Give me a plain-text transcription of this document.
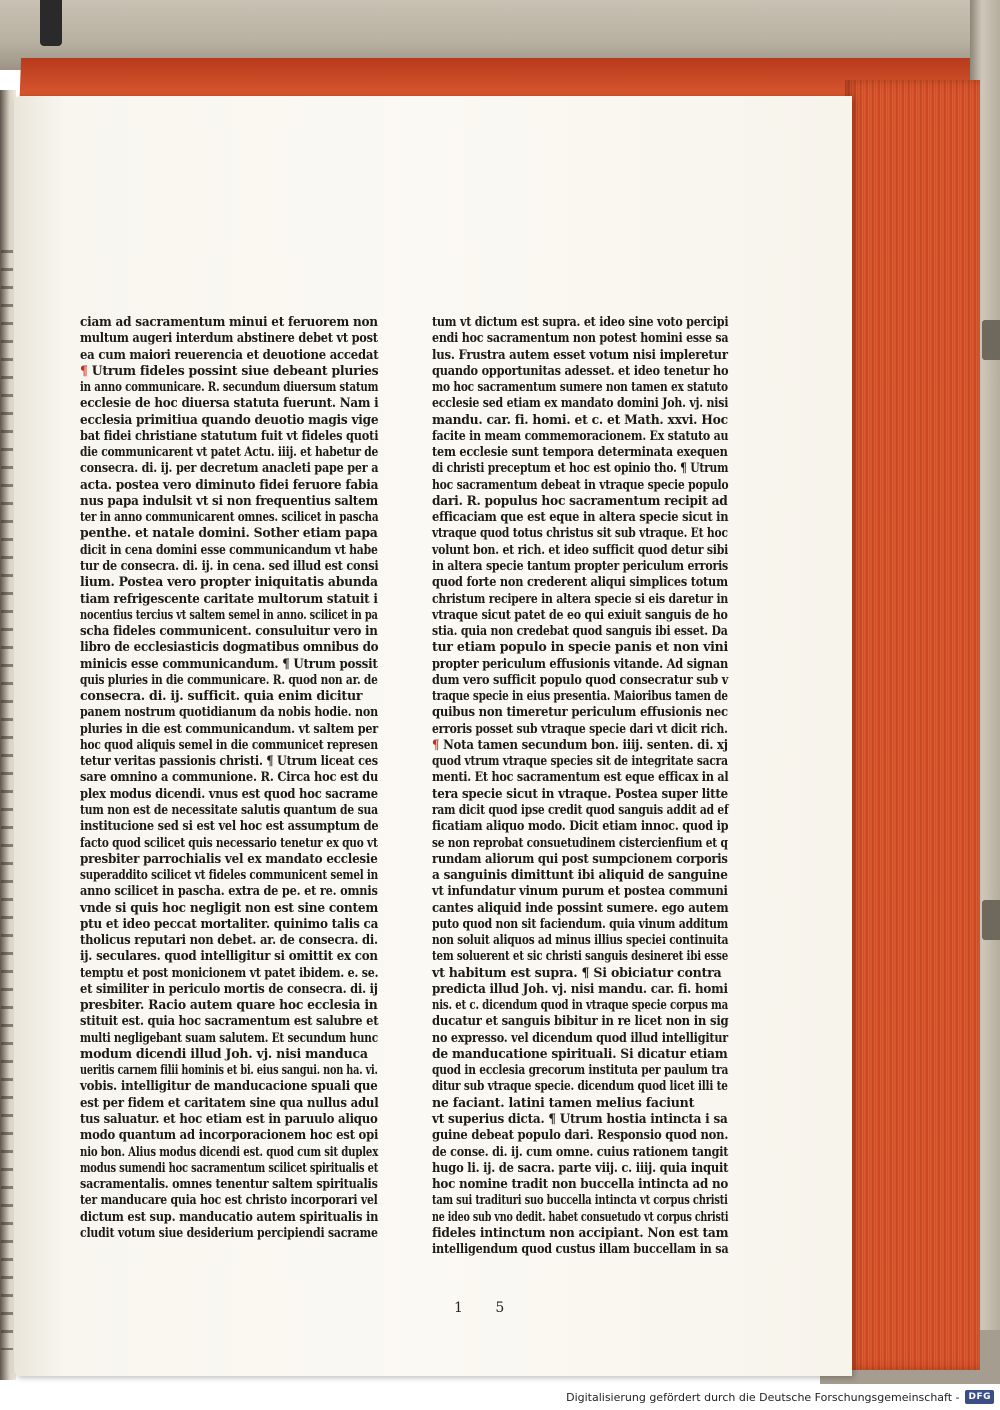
ciam ad sacramentum minui et feruorem non
multum augeri interdum abstinere debet vt post
ea cum maiori reuerencia et deuotione accedat
¶ Utrum fideles possint siue debeant pluries
in anno communicare. R. secundum diuersum statum
ecclesie de hoc diuersa statuta fuerunt. Nam i
ecclesia primitiua quando deuotio magis vige
bat fidei christiane statutum fuit vt fideles quoti
die communicarent vt patet Actu. iiij. et habetur de
consecra. di. ij. per decretum anacleti pape per a
acta. postea vero diminuto fidei feruore fabia
nus papa indulsit vt si non frequentius saltem
ter in anno communicarent omnes. scilicet in pascha
penthe. et natale domini. Sother etiam papa
dicit in cena domini esse communicandum vt habe
tur de consecra. di. ij. in cena. sed illud est consi
lium. Postea vero propter iniquitatis abunda
tiam refrigescente caritate multorum statuit i
nocentius tercius vt saltem semel in anno. scilicet in pa
scha fideles communicent. consuluitur vero in
libro de ecclesiasticis dogmatibus omnibus do
minicis esse communicandum. ¶ Utrum possit
quis pluries in die communicare. R. quod non ar. de
consecra. di. ij. sufficit. quia enim dicitur
panem nostrum quotidianum da nobis hodie. non
pluries in die est communicandum. vt saltem per
hoc quod aliquis semel in die communicet represen
tetur veritas passionis christi. ¶ Utrum liceat ces
sare omnino a communione. R. Circa hoc est du
plex modus dicendi. vnus est quod hoc sacrame
tum non est de necessitate salutis quantum de sua
institucione sed si est vel hoc est assumptum de
facto quod scilicet quis necessario tenetur ex quo vt
presbiter parrochialis vel ex mandato ecclesie
superaddito scilicet vt fideles communicent semel in
anno scilicet in pascha. extra de pe. et re. omnis
vnde si quis hoc negligit non est sine contem
ptu et ideo peccat mortaliter. quinimo talis ca
tholicus reputari non debet. ar. de consecra. di.
ij. seculares. quod intelligitur si omittit ex con
temptu et post monicionem vt patet ibidem. e. se.
et similiter in periculo mortis de consecra. di. ij
presbiter. Racio autem quare hoc ecclesia in
stituit est. quia hoc sacramentum est salubre et
multi negligebant suam salutem. Et secundum hunc
modum dicendi illud Joh. vj. nisi manduca
ueritis carnem filii hominis et bi. eius sangui. non ha. vi.
vobis. intelligitur de manducacione spuali que
est per fidem et caritatem sine qua nullus adul
tus saluatur. et hoc etiam est in paruulo aliquo
modo quantum ad incorporacionem hoc est opi
nio bon. Alius modus dicendi est. quod cum sit duplex
modus sumendi hoc sacramentum scilicet spiritualis et
sacramentalis. omnes tenentur saltem spiritualis
ter manducare quia hoc est christo incorporari vel
dictum est sup. manducatio autem spiritualis in
cludit votum siue desiderium percipiendi sacrame
tum vt dictum est supra. et ideo sine voto percipi
endi hoc sacramentum non potest homini esse sa
lus. Frustra autem esset votum nisi impleretur
quando opportunitas adesset. et ideo tenetur ho
mo hoc sacramentum sumere non tamen ex statuto
ecclesie sed etiam ex mandato domini Joh. vj. nisi
mandu. car. fi. homi. et c. et Math. xxvi. Hoc
facite in meam commemoracionem. Ex statuto au
tem ecclesie sunt tempora determinata exequen
di christi preceptum et hoc est opinio tho. ¶ Utrum
hoc sacramentum debeat in vtraque specie populo
dari. R. populus hoc sacramentum recipit ad
efficaciam que est eque in altera specie sicut in
vtraque quod totus christus sit sub vtraque. Et hoc
volunt bon. et rich. et ideo sufficit quod detur sibi
in altera specie tantum propter periculum erroris
quod forte non crederent aliqui simplices totum
christum recipere in altera specie si eis daretur in
vtraque sicut patet de eo qui exiuit sanguis de ho
stia. quia non credebat quod sanguis ibi esset. Da
tur etiam populo in specie panis et non vini
propter periculum effusionis vitande. Ad signan
dum vero sufficit populo quod consecratur sub v
traque specie in eius presentia. Maioribus tamen de
quibus non timeretur periculum effusionis nec
erroris posset sub vtraque specie dari vt dicit rich.
¶ Nota tamen secundum bon. iiij. senten. di. xj
quod vtrum vtraque species sit de integritate sacra
menti. Et hoc sacramentum est eque efficax in al
tera specie sicut in vtraque. Postea super litte
ram dicit quod ipse credit quod sanguis addit ad ef
ficatiam aliquo modo. Dicit etiam innoc. quod ip
se non reprobat consuetudinem cistercienfium et q
rundam aliorum qui post sumpcionem corporis
a sanguinis dimittunt ibi aliquid de sanguine
vt infundatur vinum purum et postea communi
cantes aliquid inde possint sumere. ego autem
puto quod non sit faciendum. quia vinum additum
non soluit aliquos ad minus illius speciei continuita
tem soluerent et sic christi sanguis desineret ibi esse
vt habitum est supra. ¶ Si obiciatur contra
predicta illud Joh. vj. nisi mandu. car. fi. homi
nis. et c. dicendum quod in vtraque specie corpus ma
ducatur et sanguis bibitur in re licet non in sig
no expresso. vel dicendum quod illud intelligitur
de manducatione spirituali. Si dicatur etiam
quod in ecclesia grecorum instituta per paulum tra
ditur sub vtraque specie. dicendum quod licet illi te
ne faciant. latini tamen melius faciunt
vt superius dicta. ¶ Utrum hostia intincta i sa
guine debeat populo dari. Responsio quod non.
de conse. di. ij. cum omne. cuius rationem tangit
hugo li. ij. de sacra. parte viij. c. iiij. quia inquit
hoc nomine tradit non buccella intincta ad no
tam sui tradituri suo buccella intincta vt corpus christi
ne ideo sub vno dedit. habet consuetudo vt corpus christi
fideles intinctum non accipiant. Non est tam
intelligendum quod custus illam buccellam in sa
1 5
Digitalisierung gefördert durch die Deutsche Forschungsgemeinschaft -	DFG
